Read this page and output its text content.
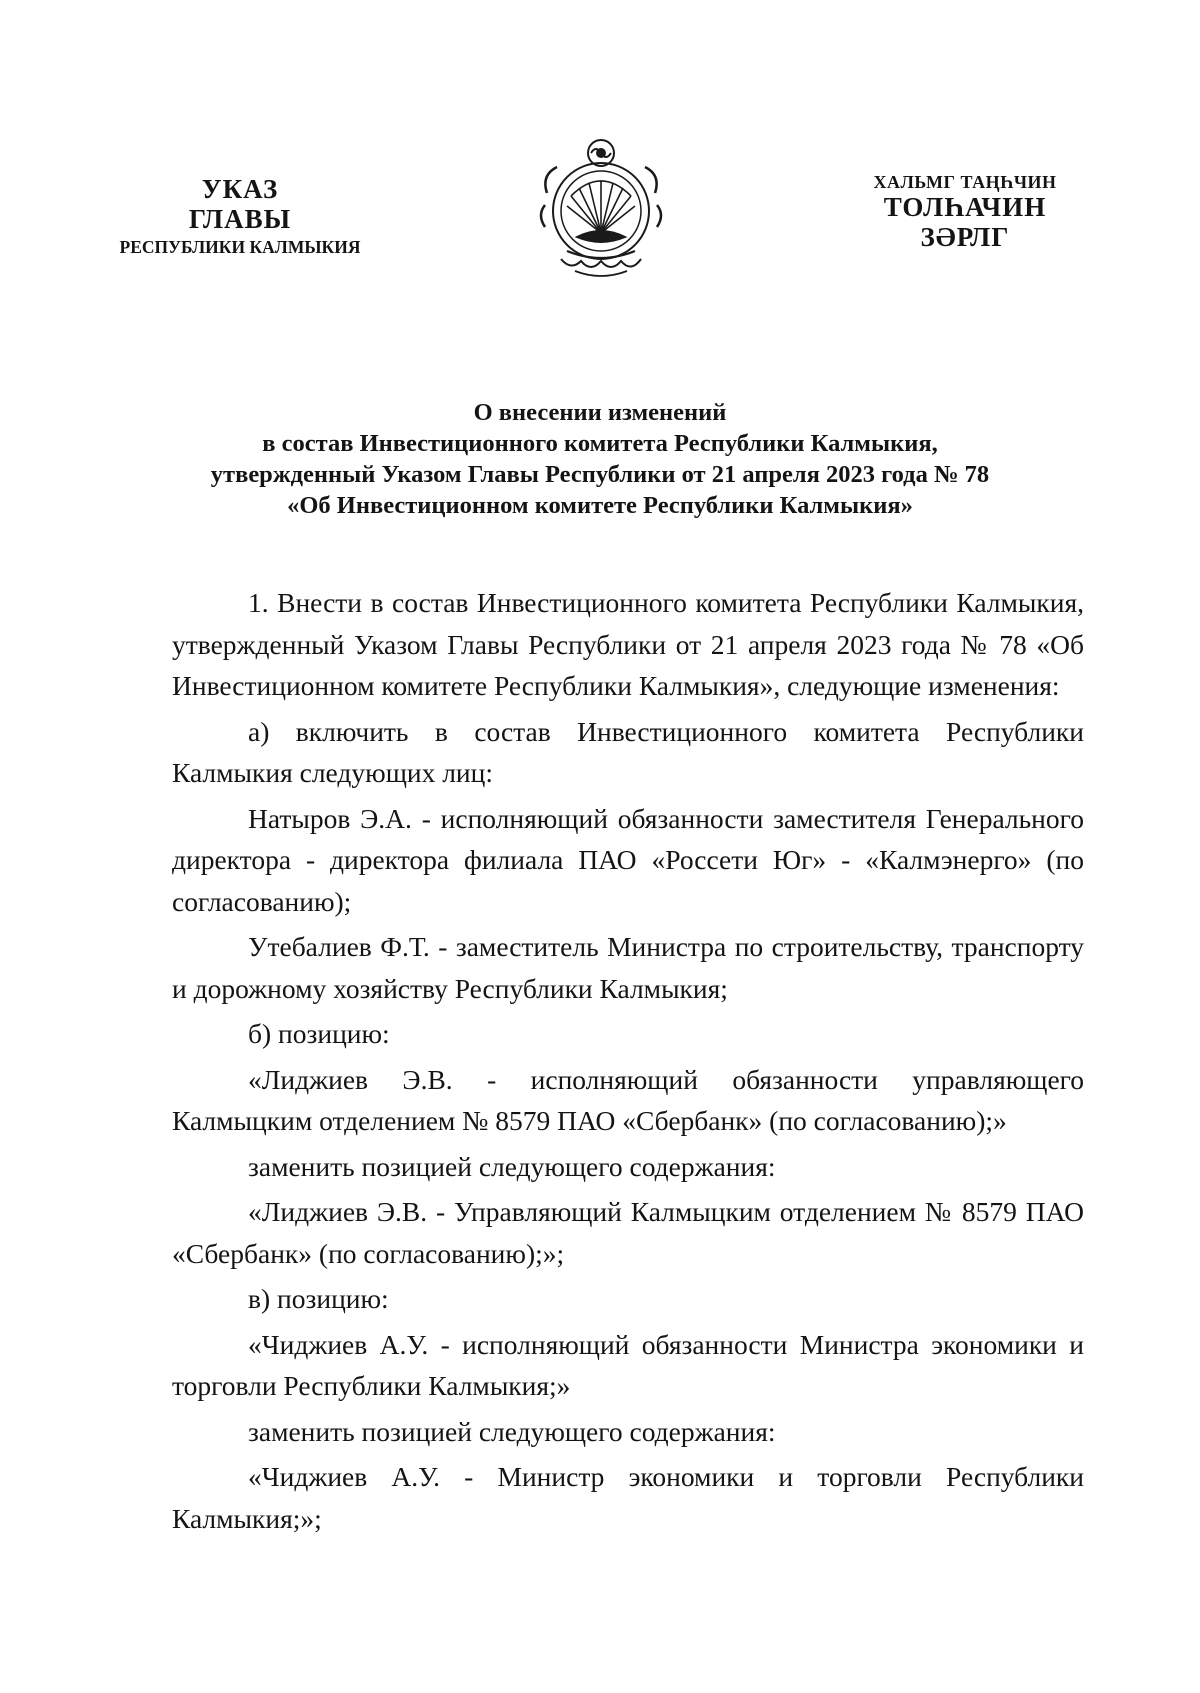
УКАЗ
ГЛАВЫ
РЕСПУБЛИКИ КАЛМЫКИЯ
ХАЛЬМГ ТАҢҺЧИН
ТОЛҺАЧИН
ЗӘРЛГ
О внесении изменений
в состав Инвестиционного комитета Республики Калмыкия,
утвержденный Указом Главы Республики от 21 апреля 2023 года № 78
«Об Инвестиционном комитете Республики Калмыкия»

1. Внести в состав Инвестиционного комитета Республики Калмыкия, утвержденный Указом Главы Республики от 21 апреля 2023 года № 78 «Об Инвестиционном комитете Республики Калмыкия», следующие изменения:

а) включить в состав Инвестиционного комитета Республики Калмыкия следующих лиц:

Натыров Э.А. - исполняющий обязанности заместителя Генерального директора - директора филиала ПАО «Россети Юг» - «Калмэнерго» (по согласованию);

Утебалиев Ф.Т. - заместитель Министра по строительству, транспорту и дорожному хозяйству Республики Калмыкия;

б) позицию:

«Лиджиев Э.В. - исполняющий обязанности управляющего Калмыцким отделением № 8579 ПАО «Сбербанк» (по согласованию);»

заменить позицией следующего содержания:

«Лиджиев Э.В. - Управляющий Калмыцким отделением № 8579 ПАО «Сбербанк» (по согласованию);»;

в) позицию:

«Чиджиев А.У. - исполняющий обязанности Министра экономики и торговли Республики Калмыкия;»

заменить позицией следующего содержания:

«Чиджиев А.У. - Министр экономики и торговли Республики Калмыкия;»;
